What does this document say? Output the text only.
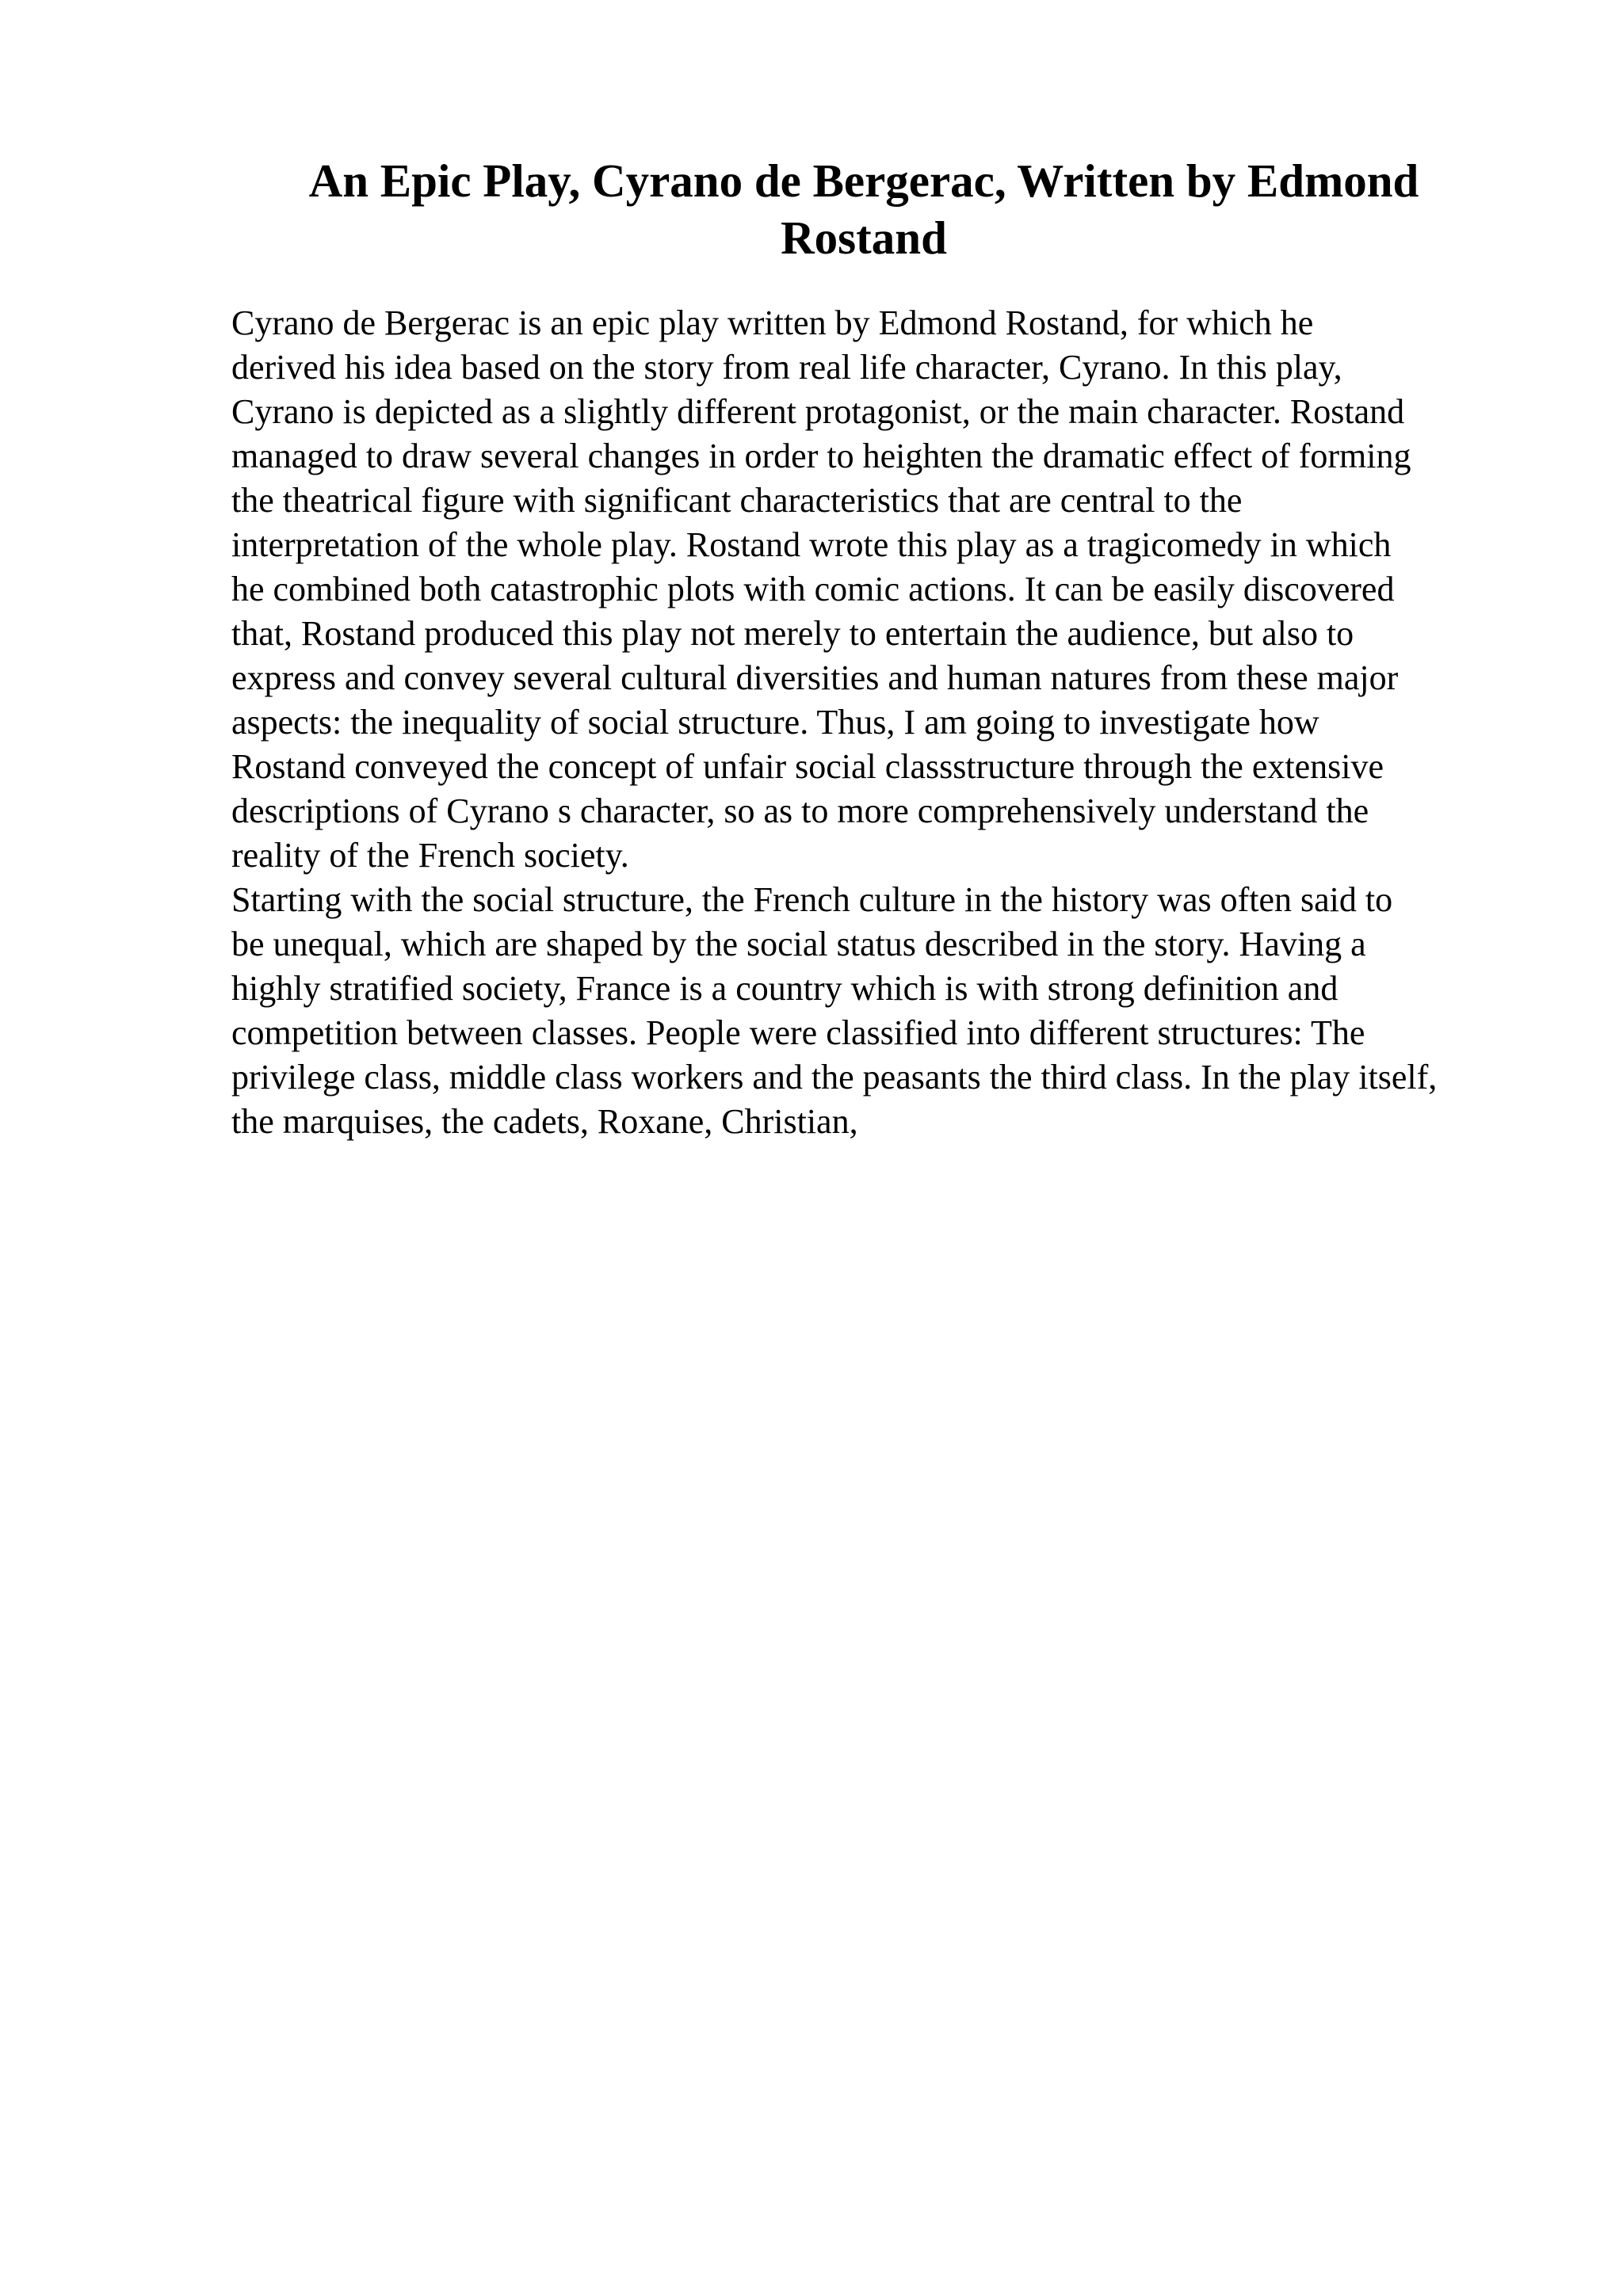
An Epic Play, Cyrano de Bergerac, Written by Edmond
Rostand
Cyrano de Bergerac is an epic play written by Edmond Rostand, for which he
derived his idea based on the story from real life character, Cyrano. In this play,
Cyrano is depicted as a slightly different protagonist, or the main character. Rostand
managed to draw several changes in order to heighten the dramatic effect of forming
the theatrical figure with significant characteristics that are central to the
interpretation of the whole play. Rostand wrote this play as a tragicomedy in which
he combined both catastrophic plots with comic actions. It can be easily discovered
that, Rostand produced this play not merely to entertain the audience, but also to
express and convey several cultural diversities and human natures from these major
aspects: the inequality of social structure. Thus, I am going to investigate how
Rostand conveyed the concept of unfair social classstructure through the extensive
descriptions of Cyrano s character, so as to more comprehensively understand the
reality of the French society.
Starting with the social structure, the French culture in the history was often said to
be unequal, which are shaped by the social status described in the story. Having a
highly stratified society, France is a country which is with strong definition and
competition between classes. People were classified into different structures: The
privilege class, middle class workers and the peasants the third class. In the play itself,
the marquises, the cadets, Roxane, Christian,
